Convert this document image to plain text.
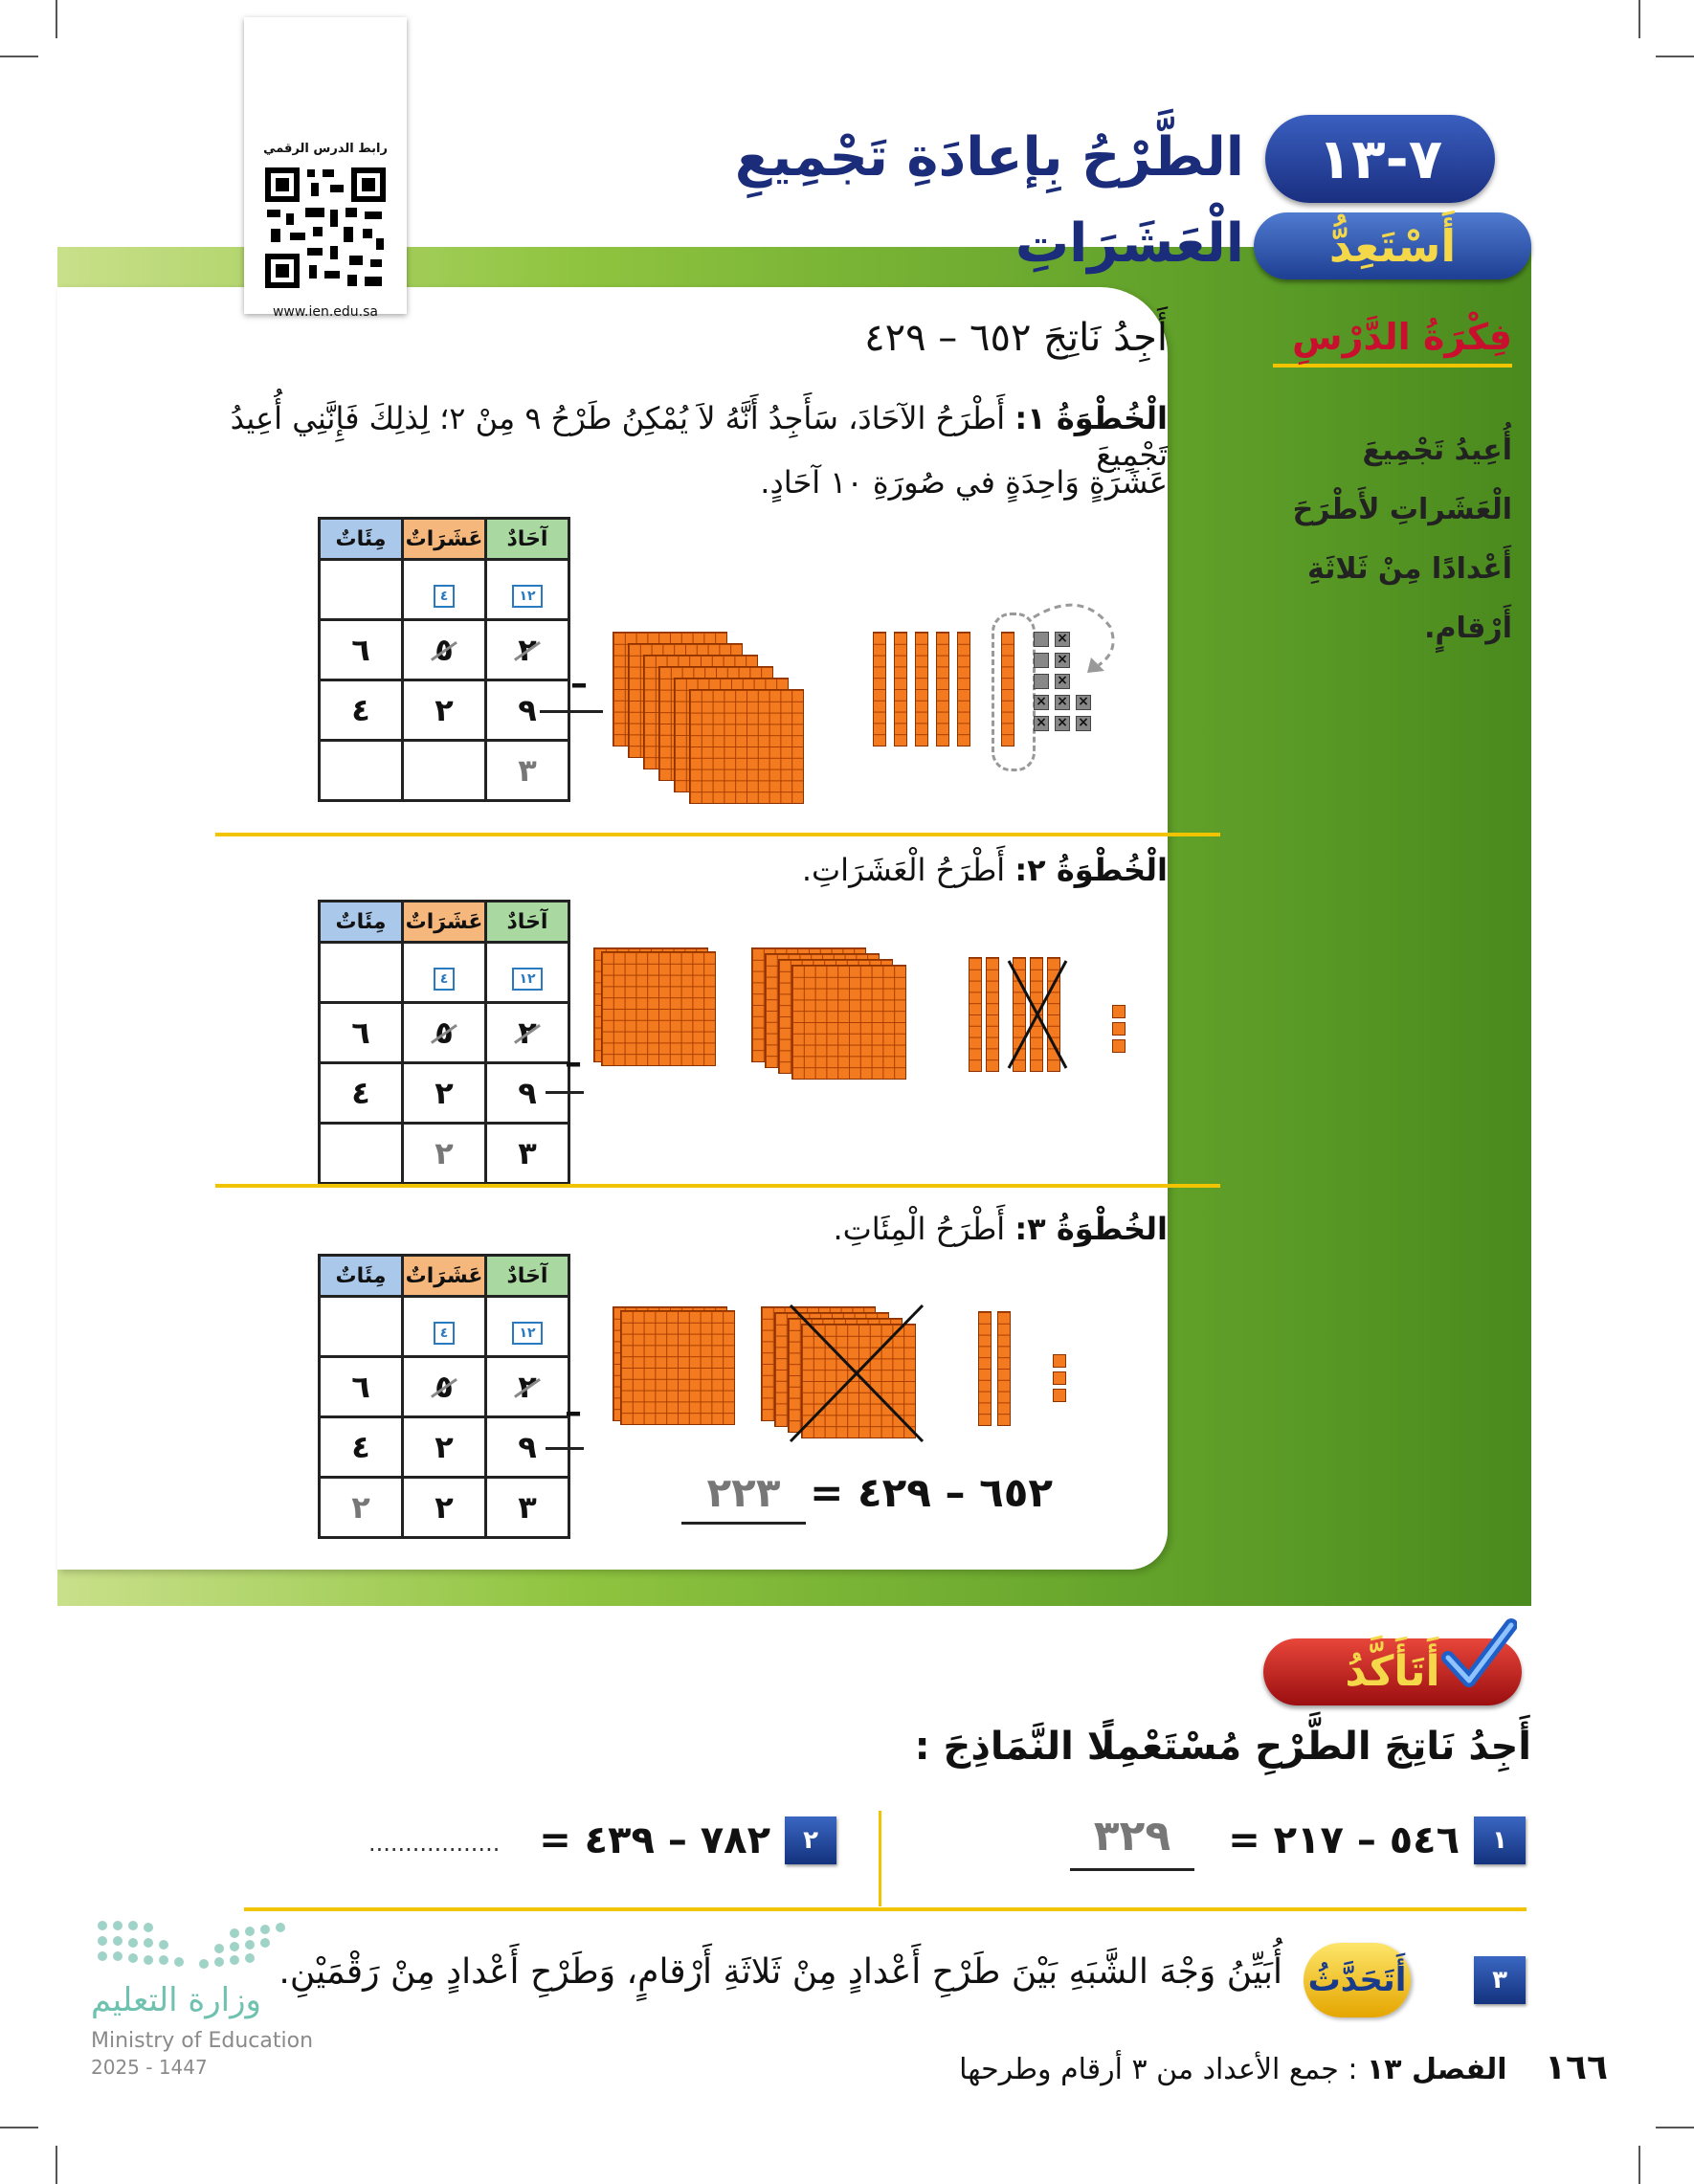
رابط الدرس الرقمي
www.ien.edu.sa
الطَّرْحُ بِإعادَةِ تَجْمِيعِ الْعَشَرَاتِ
٧-١٣
أَسْتَعِدُّ
فِكْرَةُ الدَّرْسِ
أُعِيدُ تَجْمِيعَ
الْعَشَراتِ لأَطْرَحَ
أَعْدادًا مِنْ ثَلاثَةِ
أَرْقامٍ.
أَجِدُ نَاتِجَ ٦٥٢ – ٤٢٩
الْخُطْوَةُ ١: أَطْرَحُ الآحَادَ، سَأَجِدُ أَنَّهُ لاَ يُمْكِنُ طَرْحُ ٩ مِنْ ٢؛ لِذلِكَ فَإِنَّنِي أُعِيدُ تَجْمِيعَ
عَشَرَةٍ وَاحِدَةٍ في صُورَةِ ١٠ آحَادٍ.
مِئَاتٌ	عَشَرَاتٌ	آحَادٌ
	٤	١٢
٦	٥	٢
٤	٢	٩
		٣
–
×
×
×
× × ×
× × ×
الْخُطْوَةُ ٢: أَطْرَحُ الْعَشَرَاتِ.
مِئَاتٌ	عَشَرَاتٌ	آحَادٌ
	٤	١٢
٦	٥	٢
٤	٢	٩
	٢	٣
–
الخُطْوَةُ ٣: أَطْرَحُ الْمِئَاتِ.
مِئَاتٌ	عَشَرَاتٌ	آحَادٌ
	٤	١٢
٦	٥	٢
٤	٢	٩
٢	٢	٣
–
٦٥٢ – ٤٢٩ =
٢٢٣
أَتَأَكَّدُ
أَجِدُ نَاتِجَ الطَّرْحِ مُسْتَعْمِلًا النَّمَاذِجَ :
١
٥٤٦ – ٢١٧ =
٣٢٩
٢
٧٨٢ – ٤٣٩ =
..................
٣
أَتَحَدَّثُ
أُبَيِّنُ وَجْهَ الشَّبَهِ بَيْنَ طَرْحِ أَعْدادٍ مِنْ ثَلاثَةِ أَرْقامٍ، وَطَرْحِ أَعْدادٍ مِنْ رَقْمَيْنِ.
وزارة التعليم
Ministry of Education
2025 - 1447	١٦٦ الفصل ١٣ : جمع الأعداد من ٣ أرقام وطرحها
